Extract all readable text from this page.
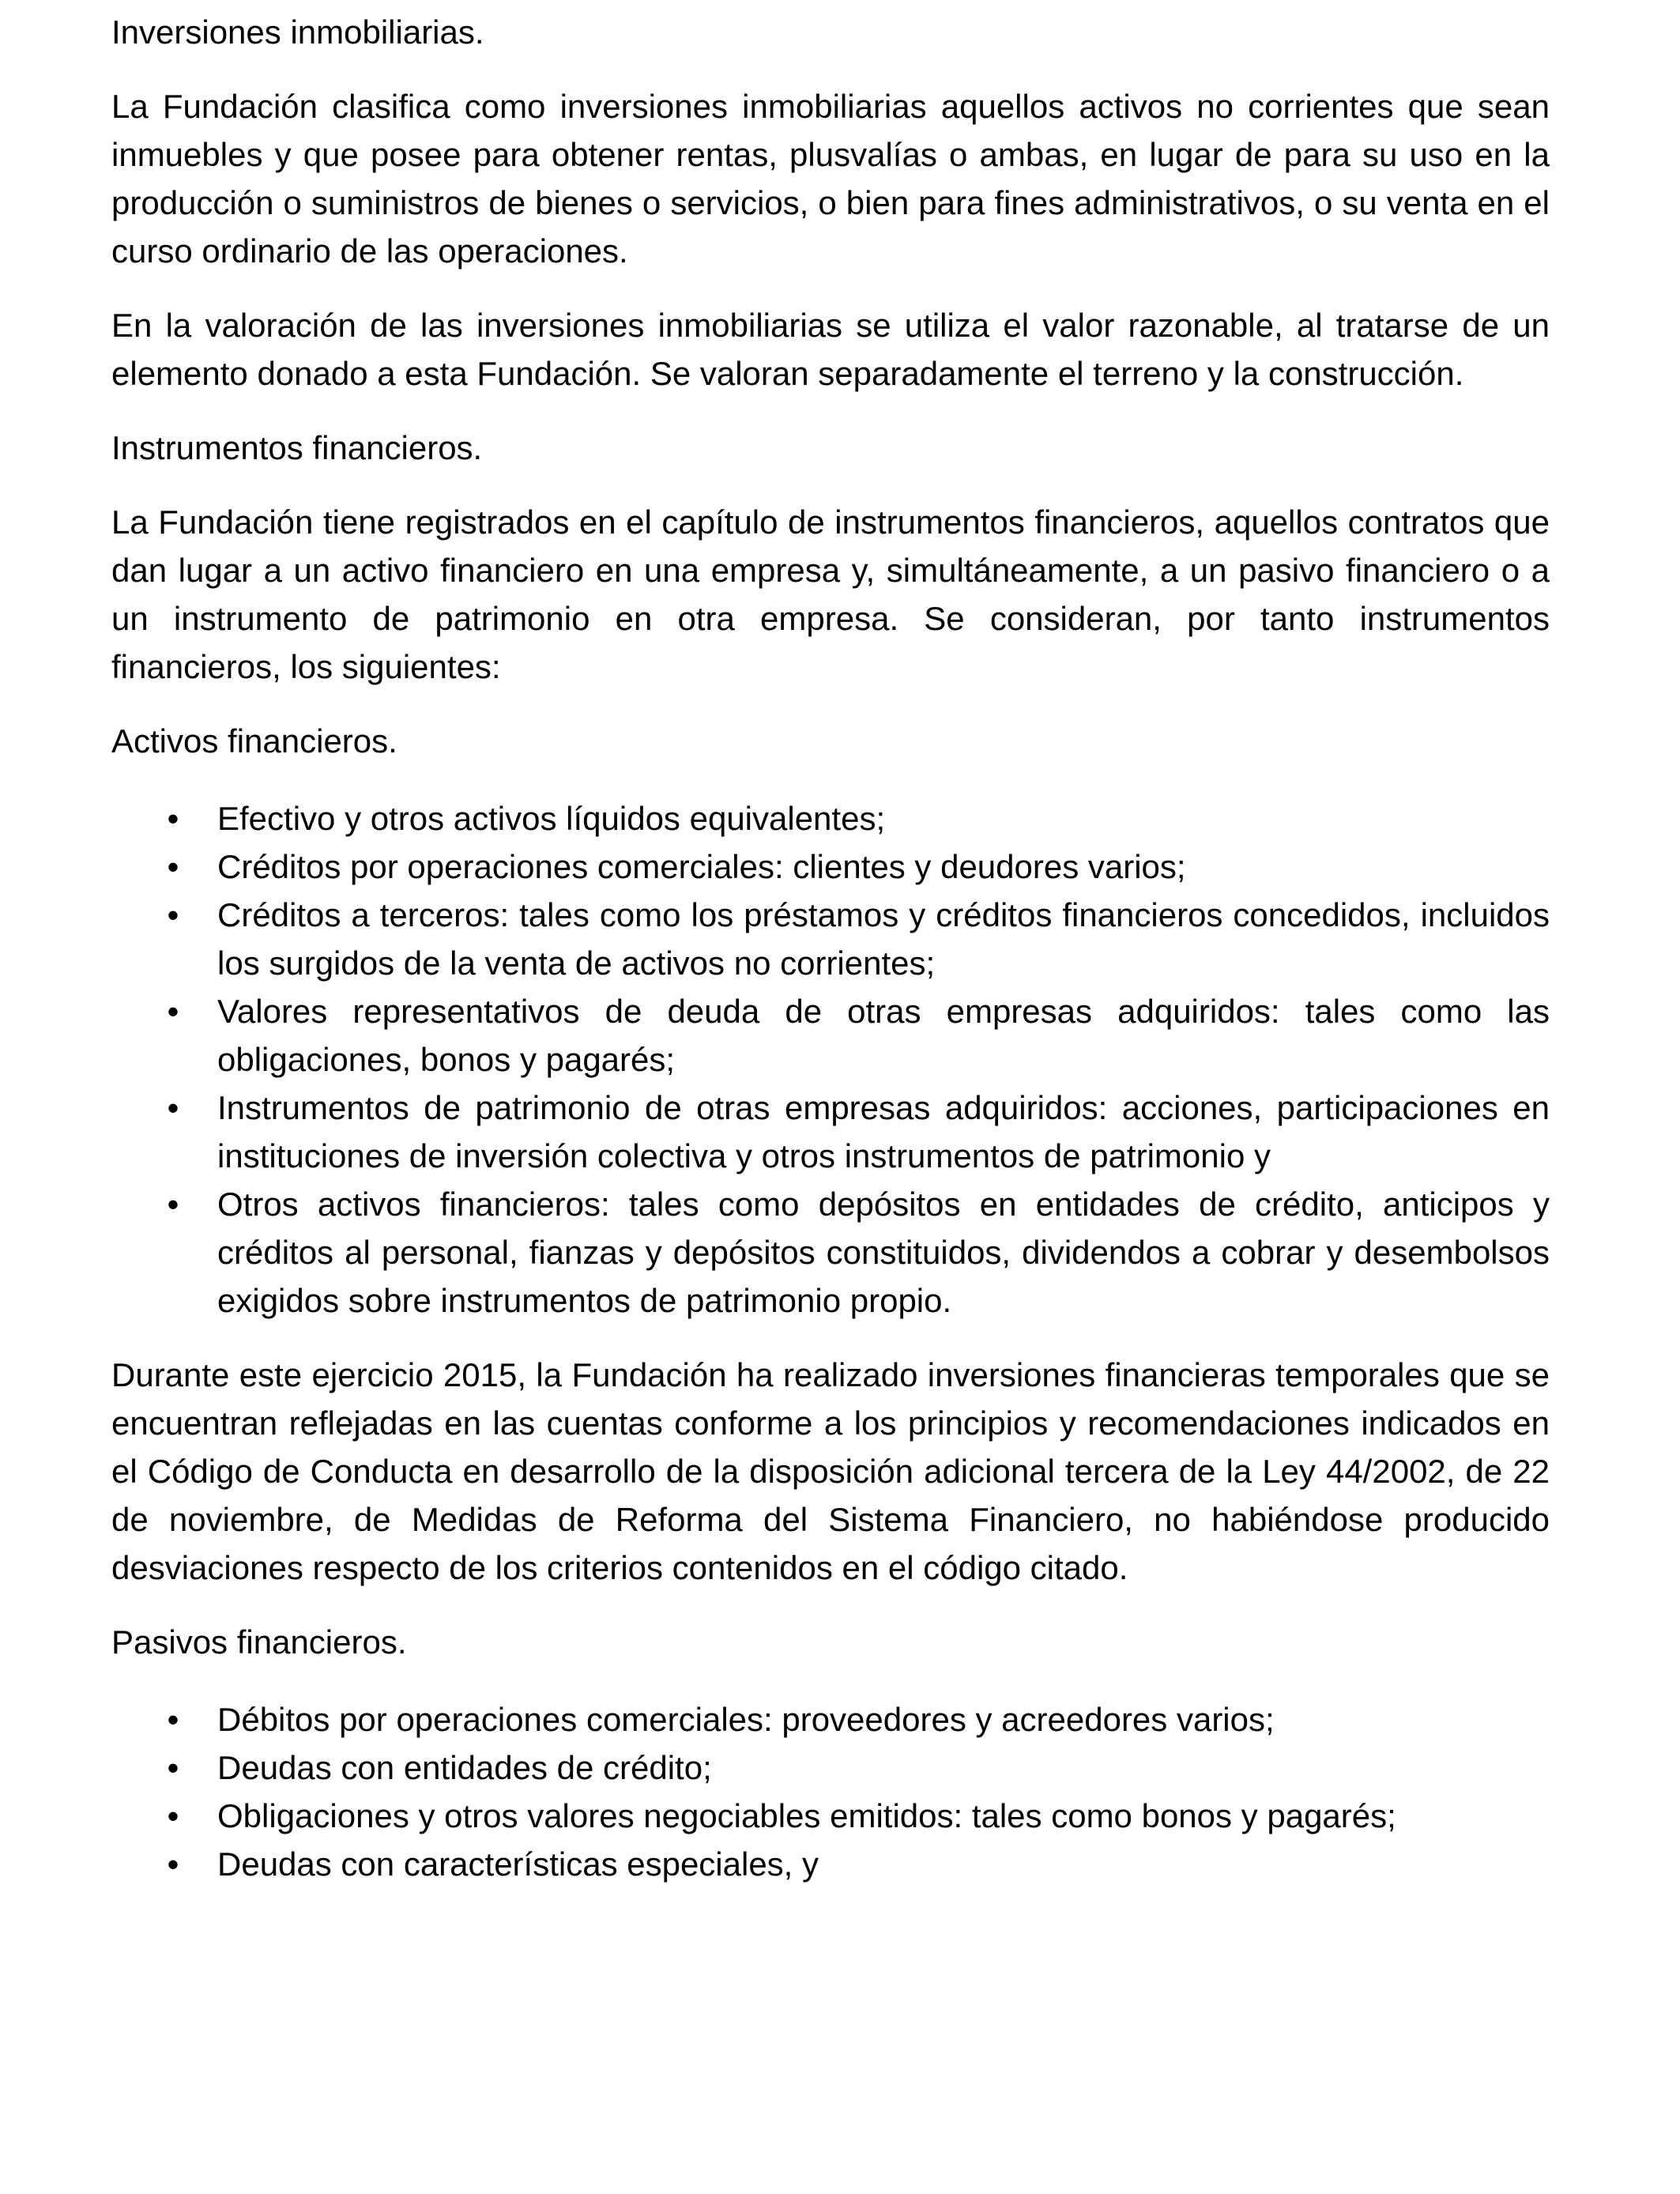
Inversiones inmobiliarias.
La Fundación clasifica como inversiones inmobiliarias aquellos activos no corrientes que sean inmuebles y que posee para obtener rentas, plusvalías o ambas, en lugar de para su uso en la producción o suministros de bienes o servicios, o bien para fines administrativos, o su venta en el curso ordinario de las operaciones.
En la valoración de las inversiones inmobiliarias se utiliza el valor razonable, al tratarse de un elemento donado a esta Fundación. Se valoran separadamente el terreno y la construcción.
Instrumentos financieros.
La Fundación tiene registrados en el capítulo de instrumentos financieros, aquellos contratos que dan lugar a un activo financiero en una empresa y, simultáneamente, a un pasivo financiero o a un instrumento de patrimonio en otra empresa. Se consideran, por tanto instrumentos financieros, los siguientes:
Activos financieros.
• Efectivo y otros activos líquidos equivalentes;
• Créditos por operaciones comerciales: clientes y deudores varios;
• Créditos a terceros: tales como los préstamos y créditos financieros concedidos, incluidos los surgidos de la venta de activos no corrientes;
• Valores representativos de deuda de otras empresas adquiridos: tales como las obligaciones, bonos y pagarés;
• Instrumentos de patrimonio de otras empresas adquiridos: acciones, participaciones en instituciones de inversión colectiva y otros instrumentos de patrimonio y
• Otros activos financieros: tales como depósitos en entidades de crédito, anticipos y créditos al personal, fianzas y depósitos constituidos, dividendos a cobrar y desembolsos exigidos sobre instrumentos de patrimonio propio.
Durante este ejercicio 2015, la Fundación ha realizado inversiones financieras temporales que se encuentran reflejadas en las cuentas conforme a los principios y recomendaciones indicados en el Código de Conducta en desarrollo de la disposición adicional tercera de la Ley 44/2002, de 22 de noviembre, de Medidas de Reforma del Sistema Financiero, no habiéndose producido desviaciones respecto de los criterios contenidos en el código citado.
Pasivos financieros.
• Débitos por operaciones comerciales: proveedores y acreedores varios;
• Deudas con entidades de crédito;
• Obligaciones y otros valores negociables emitidos: tales como bonos y pagarés;
• Deudas con características especiales, y
